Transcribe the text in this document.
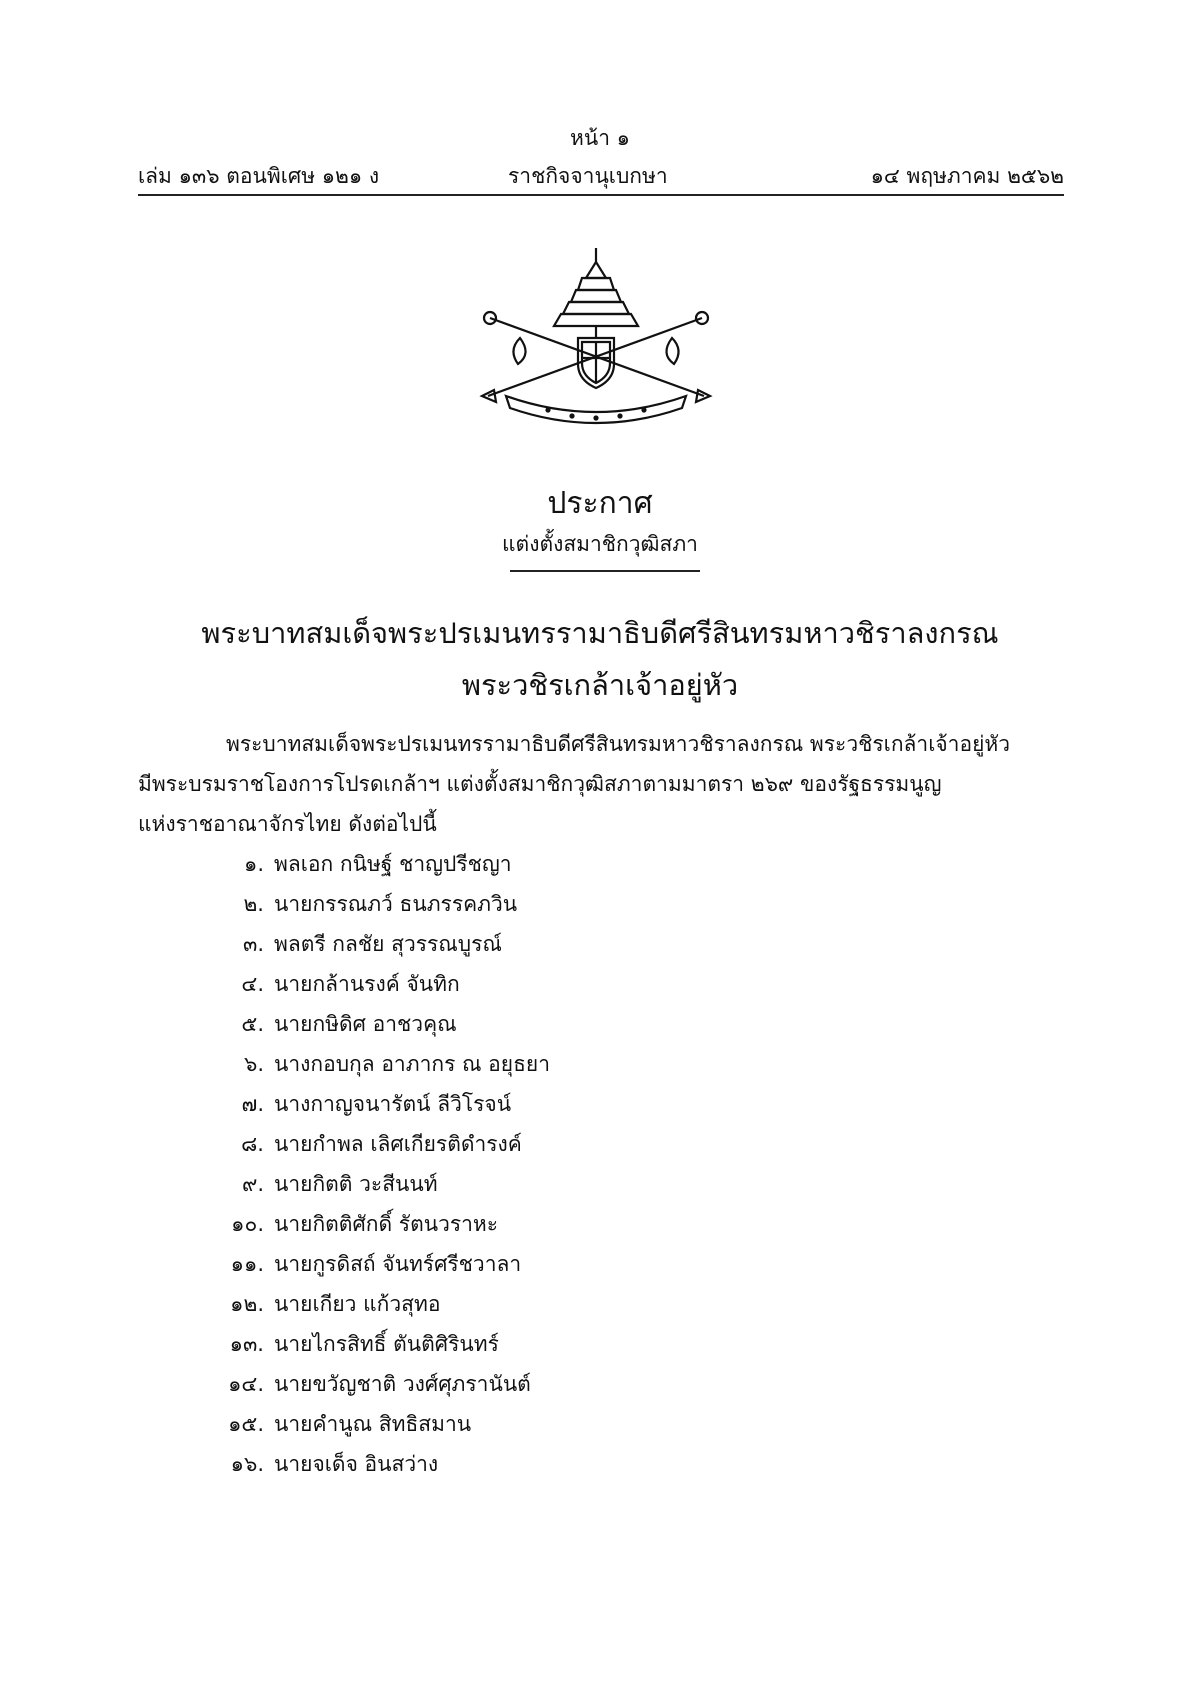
หน้า ๑
เล่ม ๑๓๖ ตอนพิเศษ ๑๒๑ ง	ราชกิจจานุเบกษา	๑๔ พฤษภาคม ๒๕๖๒
ประกาศ
แต่งตั้งสมาชิกวุฒิสภา
พระบาทสมเด็จพระปรเมนทรรามาธิบดีศรีสินทรมหาวชิราลงกรณ
พระวชิรเกล้าเจ้าอยู่หัว
พระบาทสมเด็จพระปรเมนทรรามาธิบดีศรีสินทรมหาวชิราลงกรณ พระวชิรเกล้าเจ้าอยู่หัว
มีพระบรมราชโองการโปรดเกล้าฯ แต่งตั้งสมาชิกวุฒิสภาตามมาตรา ๒๖๙ ของรัฐธรรมนูญ
แห่งราชอาณาจักรไทย ดังต่อไปนี้
๑. พลเอก กนิษฐ์ ชาญปรีชญา
๒. นายกรรณภว์ ธนภรรคภวิน
๓. พลตรี กลชัย สุวรรณบูรณ์
๔. นายกล้านรงค์ จันทิก
๕. นายกษิดิศ อาชวคุณ
๖. นางกอบกุล อาภากร ณ อยุธยา
๗. นางกาญจนารัตน์ ลีวิโรจน์
๘. นายกำพล เลิศเกียรติดำรงค์
๙. นายกิตติ วะสีนนท์
๑๐. นายกิตติศักดิ์ รัตนวราหะ
๑๑. นายกูรดิสถ์ จันทร์ศรีชวาลา
๑๒. นายเกียว แก้วสุทอ
๑๓. นายไกรสิทธิ์ ตันติศิรินทร์
๑๔. นายขวัญชาติ วงศ์ศุภรานันต์
๑๕. นายคำนูณ สิทธิสมาน
๑๖. นายจเด็จ อินสว่าง
